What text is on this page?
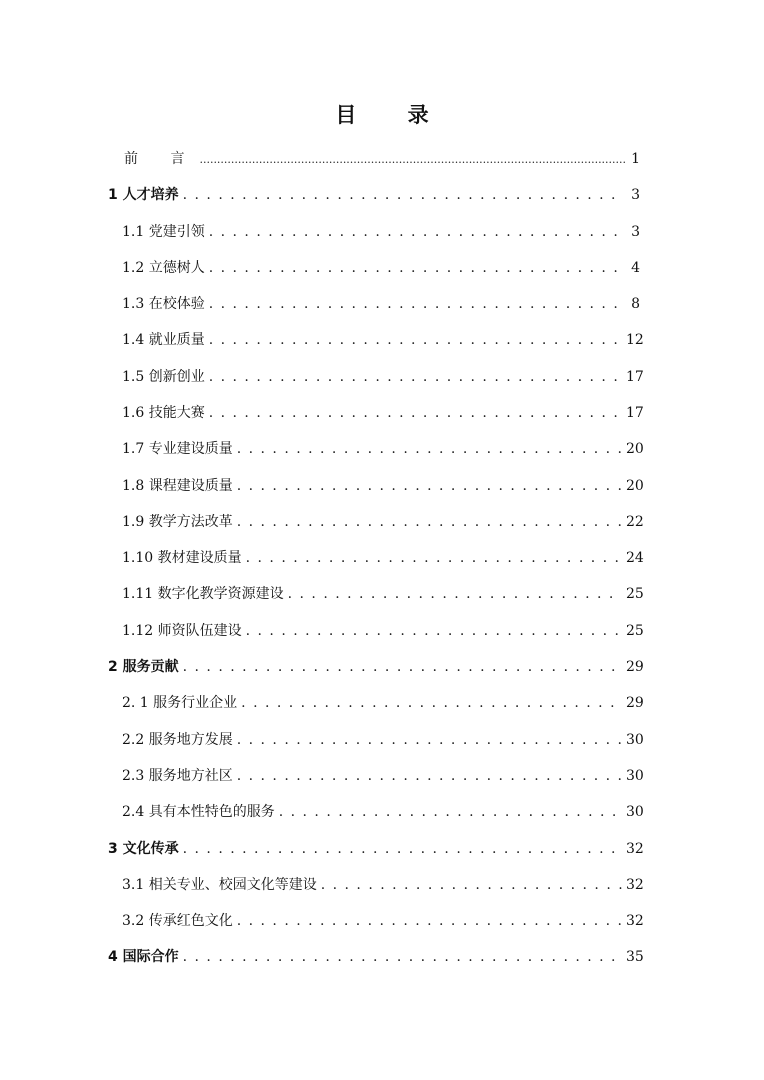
目 录
前 言 .....	1
1 人才培养 . . .	3
1.1 党建引领 . . .	3
1.2 立德树人 . . .	4
1.3 在校体验 . . .	8
1.4 就业质量 . . .	12
1.5 创新创业 . . .	17
1.6 技能大赛 . . .	17
1.7 专业建设质量 . . .	20
1.8 课程建设质量 . . .	20
1.9 教学方法改革 . . .	22
1.10 教材建设质量 . . .	24
1.11 数字化教学资源建设 . . .	25
1.12 师资队伍建设 . . .	25
2 服务贡献 . . .	29
2. 1 服务行业企业 . . .	29
2.2 服务地方发展 . . .	30
2.3 服务地方社区 . . .	30
2.4 具有本性特色的服务 . . .	30
3 文化传承 . . .	32
3.1 相关专业、校园文化等建设 . . .	32
3.2 传承红色文化 . . .	32
4 国际合作 . . .	35
